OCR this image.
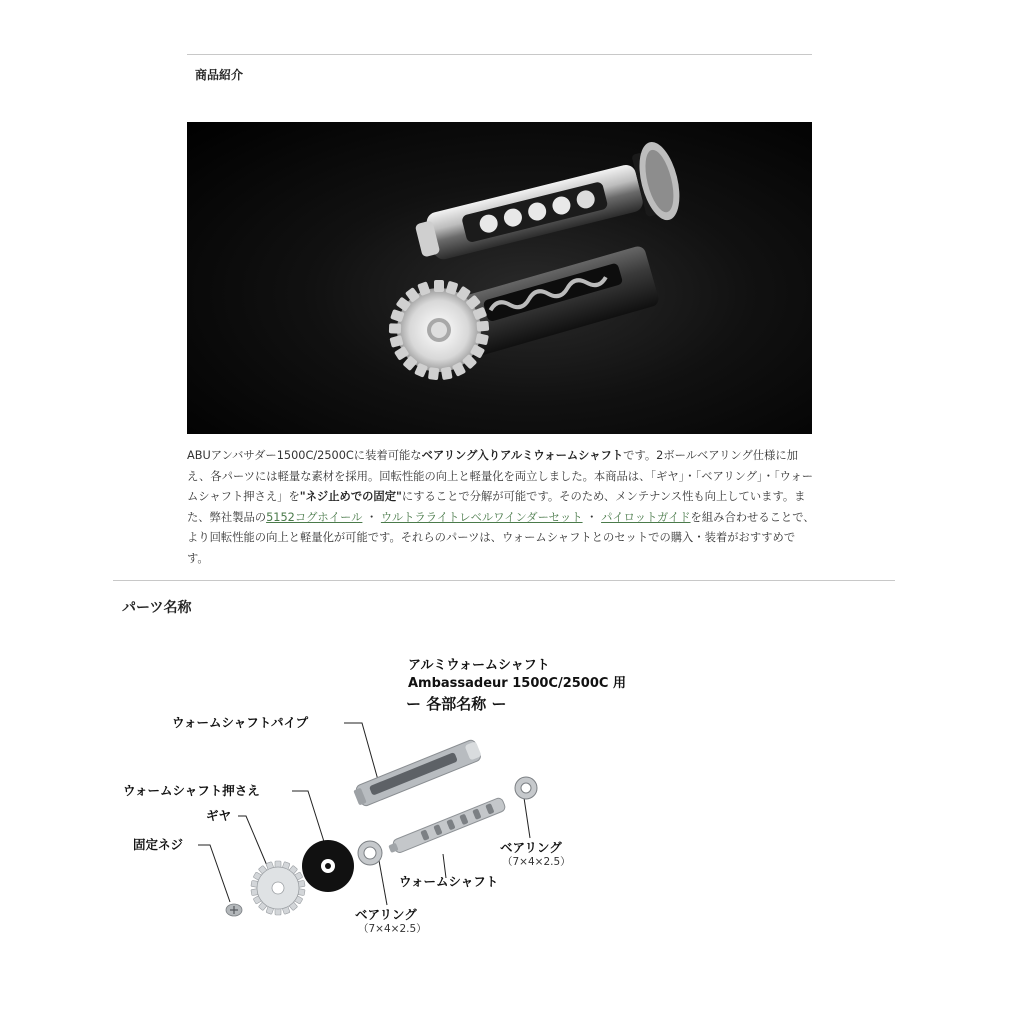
商品紹介
ABUアンバサダー1500C/2500Cに装着可能なベアリング入りアルミウォームシャフトです。2ボールベアリング仕様に加え、各パーツには軽量な素材を採用。回転性能の向上と軽量化を両立しました。本商品は、「ギヤ」・「ベアリング」・「ウォームシャフト押さえ」を"ネジ止めでの固定"にすることで分解が可能です。そのため、メンテナンス性も向上しています。また、弊社製品の5152コグホイール ・ ウルトラライトレベルワインダーセット ・ パイロットガイドを組み合わせることで、より回転性能の向上と軽量化が可能です。それらのパーツは、ウォームシャフトとのセットでの購入・装着がおすすめです。
パーツ名称
アルミウォームシャフト
Ambassadeur 1500C/2500C 用
ー 各部名称 ー
ウォームシャフトパイプ
ウォームシャフト押さえ
ギヤ
固定ネジ	ベアリング
（7×4×2.5）
ウォームシャフト
ベアリング
（7×4×2.5）
